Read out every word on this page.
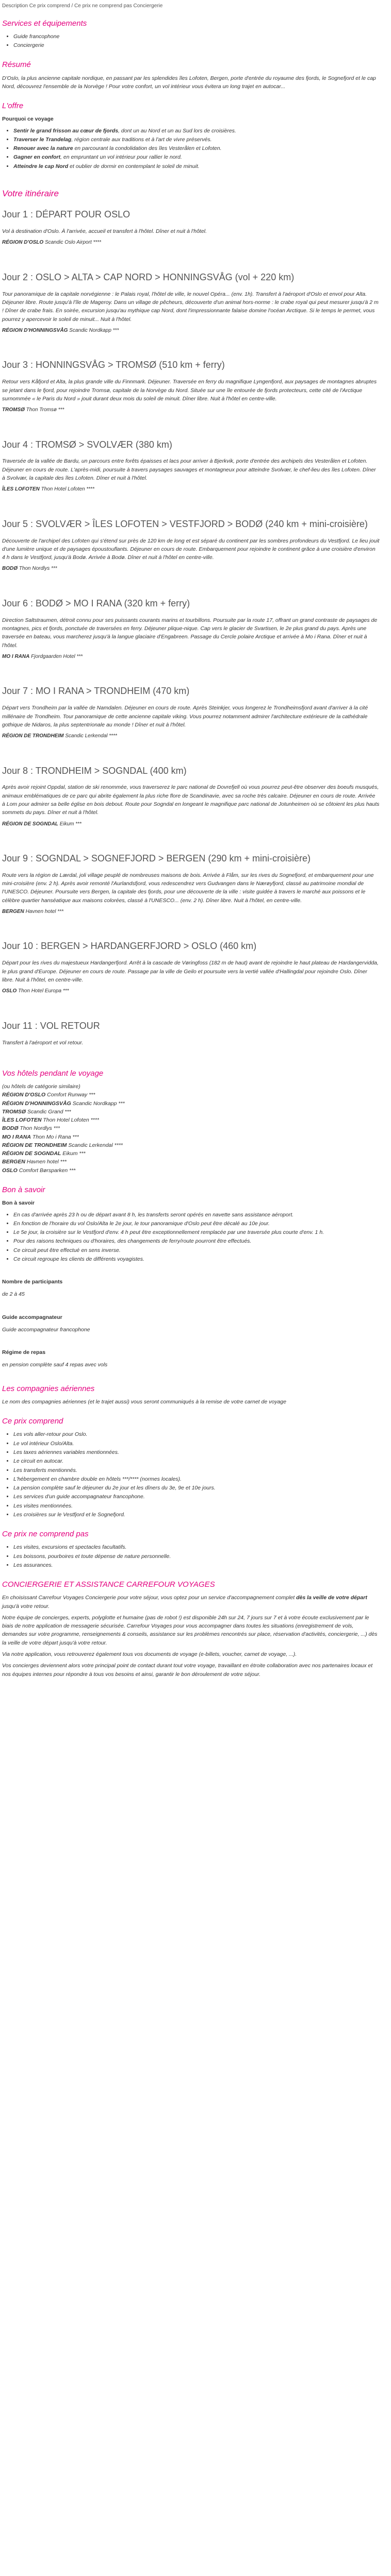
Description Ce prix comprend / Ce prix ne comprend pas Conciergerie
Services et équipements
• Guide francophone
• Conciergerie
Résumé

D'Oslo, la plus ancienne capitale nordique, en passant par les splendides îles Lofoten, Bergen, porte d'entrée du royaume des fjords, le Sognefjord et le cap Nord, découvrez l'ensemble de la Norvège ! Pour votre confort, un vol intérieur vous évitera un long trajet en autocar...

L'offre
Pourquoi ce voyage
• Sentir le grand frisson au cœur de fjords, dont un au Nord et un au Sud lors de croisières.
• Traverser le Trandelag, région centrale aux traditions et à l'art de vivre préservés.
• Renouer avec la nature en parcourant la condolidation des îles Vesterålen et Lofoten.
• Gagner en confort, en empruntant un vol intérieur pour rallier le nord.
• Atteindre le cap Nord et oublier de dormir en contemplant le soleil de minuit.
Votre itinéraire
Jour 1 : DÉPART POUR OSLO

Vol à destination d'Oslo. À l'arrivée, accueil et transfert à l'hôtel. Dîner et nuit à l'hôtel.

RÉGION D'OSLO Scandic Oslo Airport ****
Jour 2 : OSLO > ALTA > CAP NORD > HONNINGSVÅG (vol + 220 km)

Tour panoramique de la capitale norvégienne : le Palais royal, l'hôtel de ville, le nouvel Opéra... (env. 1h). Transfert à l'aéroport d'Oslo et envol pour Alta. Déjeuner libre. Route jusqu'à l'île de Mageroy. Dans un village de pêcheurs, découverte d'un animal hors-norme : le crabe royal qui peut mesurer jusqu'à 2 m ! Dîner de crabe frais. En soirée, excursion jusqu'au mythique cap Nord, dont l'impressionnante falaise domine l'océan Arctique. Si le temps le permet, vous pourrez y apercevoir le soleil de minuit... Nuit à l'hôtel.

RÉGION D'HONNINGSVÅG Scandic Nordkapp ***
Jour 3 : HONNINGSVÅG > TROMSØ (510 km + ferry)

Retour vers Kåfjord et Alta, la plus grande ville du Finnmark. Déjeuner. Traversée en ferry du magnifique Lyngenfjord, aux paysages de montagnes abruptes se jetant dans le fjord, pour rejoindre Tromsø, capitale de la Norvège du Nord. Située sur une île entourée de fjords protecteurs, cette cité de l'Arctique surnommée « le Paris du Nord » jouit durant deux mois du soleil de minuit. Dîner libre. Nuit à l'hôtel en centre-ville.

TROMSØ Thon Tromsø ***
Jour 4 : TROMSØ > SVOLVÆR (380 km)

Traversée de la vallée de Bardu, un parcours entre forêts épaisses et lacs pour arriver à Bjerkvik, porte d'entrée des archipels des Vesterålen et Lofoten. Déjeuner en cours de route. L'après-midi, poursuite à travers paysages sauvages et montagneux pour atteindre Svolvær, le chef-lieu des îles Lofoten. Dîner à Svolvær, la capitale des îles Lofoten. Dîner et nuit à l'hôtel.

ÎLES LOFOTEN Thon Hotel Lofoten ****
Jour 5 : SVOLVÆR > ÎLES LOFOTEN > VESTFJORD > BODØ (240 km + mini-croisière)

Découverte de l'archipel des Lofoten qui s'étend sur près de 120 km de long et est séparé du continent par les sombres profondeurs du Vestfjord. Le lieu jouit d'une lumière unique et de paysages époustouflants. Déjeuner en cours de route. Embarquement pour rejoindre le continent grâce à une croisière d'environ 4 h dans le Vestfjord, jusqu'à Bodø. Arrivée à Bodø. Dîner et nuit à l'hôtel en centre-ville.

BODØ Thon Nordlys ***
Jour 6 : BODØ > MO I RANA (320 km + ferry)

Direction Saltstraumen, détroit connu pour ses puissants courants marins et tourbillons. Poursuite par la route 17, offrant un grand contraste de paysages de montagnes, pics et fjords, ponctuée de traversées en ferry. Déjeuner plique-nique. Cap vers le glacier de Svartisen, le 2e plus grand du pays. Après une traversée en bateau, vous marcherez jusqu'à la langue glaciaire d'Engabreen. Passage du Cercle polaire Arctique et arrivée à Mo i Rana. Dîner et nuit à l'hôtel.

MO I RANA Fjordgaarden Hotel ***
Jour 7 : MO I RANA > TRONDHEIM (470 km)

Départ vers Trondheim par la vallée de Namdalen. Déjeuner en cours de route. Après Steinkjer, vous longerez le Trondheimsfjord avant d'arriver à la cité millénaire de Trondheim. Tour panoramique de cette ancienne capitale viking. Vous pourrez notamment admirer l'architecture extérieure de la cathédrale gothique de Nidaros, la plus septentrionale au monde ! Dîner et nuit à l'hôtel.

RÉGION DE TRONDHEIM Scandic Lerkendal ****
Jour 8 : TRONDHEIM > SOGNDAL (400 km)

Après avoir rejoint Oppdal, station de ski renommée, vous traverserez le parc national de Dovrefjell où vous pourrez peut-être observer des boeufs musqués, animaux emblématiques de ce parc qui abrite également la plus riche flore de Scandinavie, avec sa roche très calcaire. Déjeuner en cours de route. Arrivée à Lom pour admirer sa belle église en bois debout. Route pour Sogndal en longeant le magnifique parc national de Jotunheimen où se côtoient les plus hauts sommets du pays. Dîner et nuit à l'hôtel.

RÉGION DE SOGNDAL Eikum ***
Jour 9 : SOGNDAL > SOGNEFJORD > BERGEN (290 km + mini-croisière)

Route vers la région de Lærdal, joli village peuplé de nombreuses maisons de bois. Arrivée à Flåm, sur les rives du Sognefjord, et embarquement pour une mini-croisière (env. 2 h). Après avoir remonté l'Aurlandsfjord, vous redescendrez vers Gudvangen dans le Nærøyfjord, classé au patrimoine mondial de l'UNESCO. Déjeuner. Poursuite vers Bergen, la capitale des fjords, pour une découverte de la ville : visite guidée à travers le marché aux poissons et le célèbre quartier hanséatique aux maisons colorées, classé à l'UNESCO... (env. 2 h). Dîner libre. Nuit à l'hôtel, en centre-ville.

BERGEN Havnen hotel ***
Jour 10 : BERGEN > HARDANGERFJORD > OSLO (460 km)

Départ pour les rives du majestueux Hardangerfjord. Arrêt à la cascade de Vøringfoss (182 m de haut) avant de rejoindre le haut plateau de Hardangervidda, le plus grand d'Europe. Déjeuner en cours de route. Passage par la ville de Geilo et poursuite vers la vertié vallée d'Hallingdal pour rejoindre Oslo. Dîner libre. Nuit à l'hôtel, en centre-ville.

OSLO Thon Hotel Europa ***
Jour 11 : VOL RETOUR

Transfert à l'aéroport et vol retour.

Vos hôtels pendant le voyage

(ou hôtels de catégorie similaire)

RÉGION D'OSLO Comfort Runway ***

RÉGION D'HONNINGSVÅG Scandic Nordkapp ***

TROMSØ Scandic Grand ***

ÎLES LOFOTEN Thon Hotel Lofoten ****

BODØ Thon Nordlys ***

MO I RANA Thon Mo i Rana ***

RÉGION DE TRONDHEIM Scandic Lerkendal ****

RÉGION DE SOGNDAL Eikum ***

BERGEN Havnen hotel ***

OSLO Comfort Børsparken ***

Bon à savoir
Bon à savoir
• En cas d'arrivée après 23 h ou de départ avant 8 h, les transferts seront opérés en navette sans assistance aéroport.
• En fonction de l'horaire du vol Oslo/Alta le 2e jour, le tour panoramique d'Oslo peut être décalé au 10e jour.
• Le 5e jour, la croisière sur le Vestfjord d'env. 4 h peut être exceptionnellement remplacée par une traversée plus courte d'env. 1 h.
• Pour des raisons techniques ou d'horaires, des changements de ferry/route pourront être effectués.
• Ce circuit peut être effectué en sens inverse.
• Ce circuit regroupe les clients de différents voyagistes.
Nombre de participants

de 2 à 45

Guide accompagnateur

Guide accompagnateur francophone

Régime de repas

en pension complète sauf 4 repas avec vols

Les compagnies aériennes

Le nom des compagnies aériennes (et le trajet aussi) vous seront communiqués à la remise de votre carnet de voyage

Ce prix comprend
• Les vols aller-retour pour Oslo.
• Le vol intérieur Oslo/Alta.
• Les taxes aériennes variables mentionnées.
• Le circuit en autocar.
• Les transferts mentionnés.
• L'hébergement en chambre double en hôtels ***/**** (normes locales).
• La pension complète sauf le déjeuner du 2e jour et les dîners du 3e, 9e et 10e jours.
• Les services d'un guide accompagnateur francophone.
• Les visites mentionnées.
• Les croisières sur le Vestfjord et le Sognefjord.
Ce prix ne comprend pas
• Les visites, excursions et spectacles facultatifs.
• Les boissons, pourboires et toute dépense de nature personnelle.
• Les assurances.
CONCIERGERIE ET ASSISTANCE CARREFOUR VOYAGES

En choisissant Carrefour Voyages Conciergerie pour votre séjour, vous optez pour un service d'accompagnement complet dès la veille de votre départ jusqu'à votre retour.

Notre équipe de concierges, experts, polyglotte et humaine (pas de robot !) est disponible 24h sur 24, 7 jours sur 7 et à votre écoute exclusivement par le biais de notre application de messagerie sécurisée. Carrefour Voyages pour vous accompagner dans toutes les situations (enregistrement de vols, demandes sur votre programme, renseignements & conseils, assistance sur les problèmes rencontrés sur place, réservation d'activités, conciergerie, ...) dès la veille de votre départ jusqu'à votre retour.

Via notre application, vous retrouverez également tous vos documents de voyage (e-billets, voucher, carnet de voyage, ...).

Vos concierges deviennent alors votre principal point de contact durant tout votre voyage, travaillant en étroite collaboration avec nos partenaires locaux et nos équipes internes pour répondre à tous vos besoins et ainsi, garantir le bon déroulement de votre séjour.
